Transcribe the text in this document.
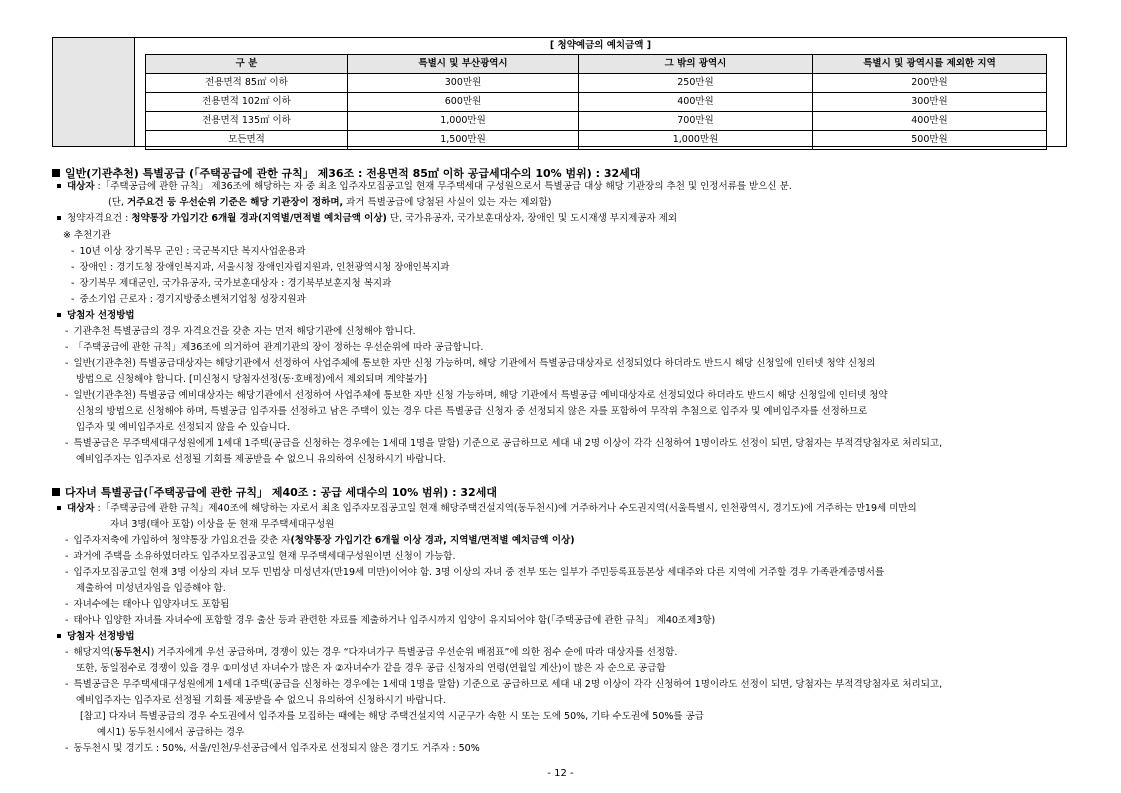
[ 청약예금의 예치금액 ]
구 분	특별시 및 부산광역시	그 밖의 광역시	특별시 및 광역시를 제외한 지역
전용면적 85㎡ 이하	300만원	250만원	200만원
전용면적 102㎡ 이하	600만원	400만원	300만원
전용면적 135㎡ 이하	1,000만원	700만원	400만원
모든면적	1,500만원	1,000만원	500만원
일반(기관추천) 특별공급 (「주택공급에 관한 규칙」 제36조 : 전용면적 85㎡ 이하 공급세대수의 10% 범위) : 32세대
대상자 :「주택공급에 관한 규칙」 제36조에 해당하는 자 중 최초 입주자모집공고일 현재 무주택세대 구성원으로서 특별공급 대상 해당 기관장의 추천 및 인정서류를 받으신 분.
(단, 거주요건 등 우선순위 기준은 해당 기관장이 정하며, 과거 특별공급에 당첨된 사실이 있는 자는 제외함)
청약자격요건 : 청약통장 가입기간 6개월 경과(지역별/면적별 예치금액 이상) 단, 국가유공자, 국가보훈대상자, 장애인 및 도시재생 부지제공자 제외
※ 추천기관
- 10년 이상 장기복무 군인 : 국군복지단 복지사업운용과
- 장애인 : 경기도청 장애인복지과, 서울시청 장애인자립지원과, 인천광역시청 장애인복지과
- 장기복무 제대군인, 국가유공자, 국가보훈대상자 : 경기북부보훈지청 복지과
- 중소기업 근로자 : 경기지방중소벤처기업청 성장지원과
당첨자 선정방법
- 기관추천 특별공급의 경우 자격요건을 갖춘 자는 먼저 해당기관에 신청해야 합니다.
- 「주택공급에 관한 규칙」제36조에 의거하여 관계기관의 장이 정하는 우선순위에 따라 공급합니다.
- 일반(기관추천) 특별공급대상자는 해당기관에서 선정하여 사업주체에 통보한 자만 신청 가능하며, 해당 기관에서 특별공급대상자로 선정되었다 하더라도 반드시 해당 신청일에 인터넷 청약 신청의
방법으로 신청해야 합니다. [미신청시 당첨자선정(동·호배정)에서 제외되며 계약불가]
- 일반(기관추천) 특별공급 예비대상자는 해당기관에서 선정하여 사업주체에 통보한 자만 신청 가능하며, 해당 기관에서 특별공급 예비대상자로 선정되었다 하더라도 반드시 해당 신청일에 인터넷 청약
신청의 방법으로 신청해야 하며, 특별공급 입주자를 선정하고 남은 주택이 있는 경우 다른 특별공급 신청자 중 선정되지 않은 자를 포함하여 무작위 추첨으로 입주자 및 예비입주자를 선정하므로
입주자 및 예비입주자로 선정되지 않을 수 있습니다.
- 특별공급은 무주택세대구성원에게 1세대 1주택(공급을 신청하는 경우에는 1세대 1명을 말함) 기준으로 공급하므로 세대 내 2명 이상이 각각 신청하여 1명이라도 선정이 되면, 당첨자는 부적격당첨자로 처리되고,
예비입주자는 입주자로 선정될 기회를 제공받을 수 없으니 유의하여 신청하시기 바랍니다.
다자녀 특별공급(「주택공급에 관한 규칙」 제40조 : 공급 세대수의 10% 범위) : 32세대
대상자 :「주택공급에 관한 규칙」제40조에 해당하는 자로서 최초 입주자모집공고일 현재 해당주택건설지역(동두천시)에 거주하거나 수도권지역(서울특별시, 인천광역시, 경기도)에 거주하는 만19세 미만의
자녀 3명(태아 포함) 이상을 둔 현재 무주택세대구성원
- 입주자저축에 가입하여 청약통장 가입요건을 갖춘 자(청약통장 가입기간 6개월 이상 경과, 지역별/면적별 예치금액 이상)
- 과거에 주택을 소유하였더라도 입주자모집공고일 현재 무주택세대구성원이면 신청이 가능함.
- 입주자모집공고일 현재 3명 이상의 자녀 모두 민법상 미성년자(만19세 미만)이어야 함. 3명 이상의 자녀 중 전부 또는 일부가 주민등록표등본상 세대주와 다른 지역에 거주할 경우 가족관계증명서를
제출하여 미성년자임을 입증해야 함.
- 자녀수에는 태아나 입양자녀도 포함됨
- 태아나 입양한 자녀를 자녀수에 포함할 경우 출산 등과 관련한 자료를 제출하거나 입주시까지 입양이 유지되어야 함(「주택공급에 관한 규칙」 제40조제3항)
당첨자 선정방법
- 해당지역(동두천시) 거주자에게 우선 공급하며, 경쟁이 있는 경우 “다자녀가구 특별공급 우선순위 배점표”에 의한 점수 순에 따라 대상자를 선정함.
또한, 동일점수로 경쟁이 있을 경우 ①미성년 자녀수가 많은 자 ②자녀수가 같을 경우 공급 신청자의 연령(연월일 계산)이 많은 자 순으로 공급함
- 특별공급은 무주택세대구성원에게 1세대 1주택(공급을 신청하는 경우에는 1세대 1명을 말함) 기준으로 공급하므로 세대 내 2명 이상이 각각 신청하여 1명이라도 선정이 되면, 당첨자는 부적격당첨자로 처리되고,
예비입주자는 입주자로 선정될 기회를 제공받을 수 없으니 유의하여 신청하시기 바랍니다.
[참고] 다자녀 특별공급의 경우 수도권에서 입주자를 모집하는 때에는 해당 주택건설지역 시군구가 속한 시 또는 도에 50%, 기타 수도권에 50%를 공급
예시1) 동두천시에서 공급하는 경우
- 동두천시 및 경기도 : 50%, 서울/인천/우선공급에서 입주자로 선정되지 않은 경기도 거주자 : 50%
- 12 -
